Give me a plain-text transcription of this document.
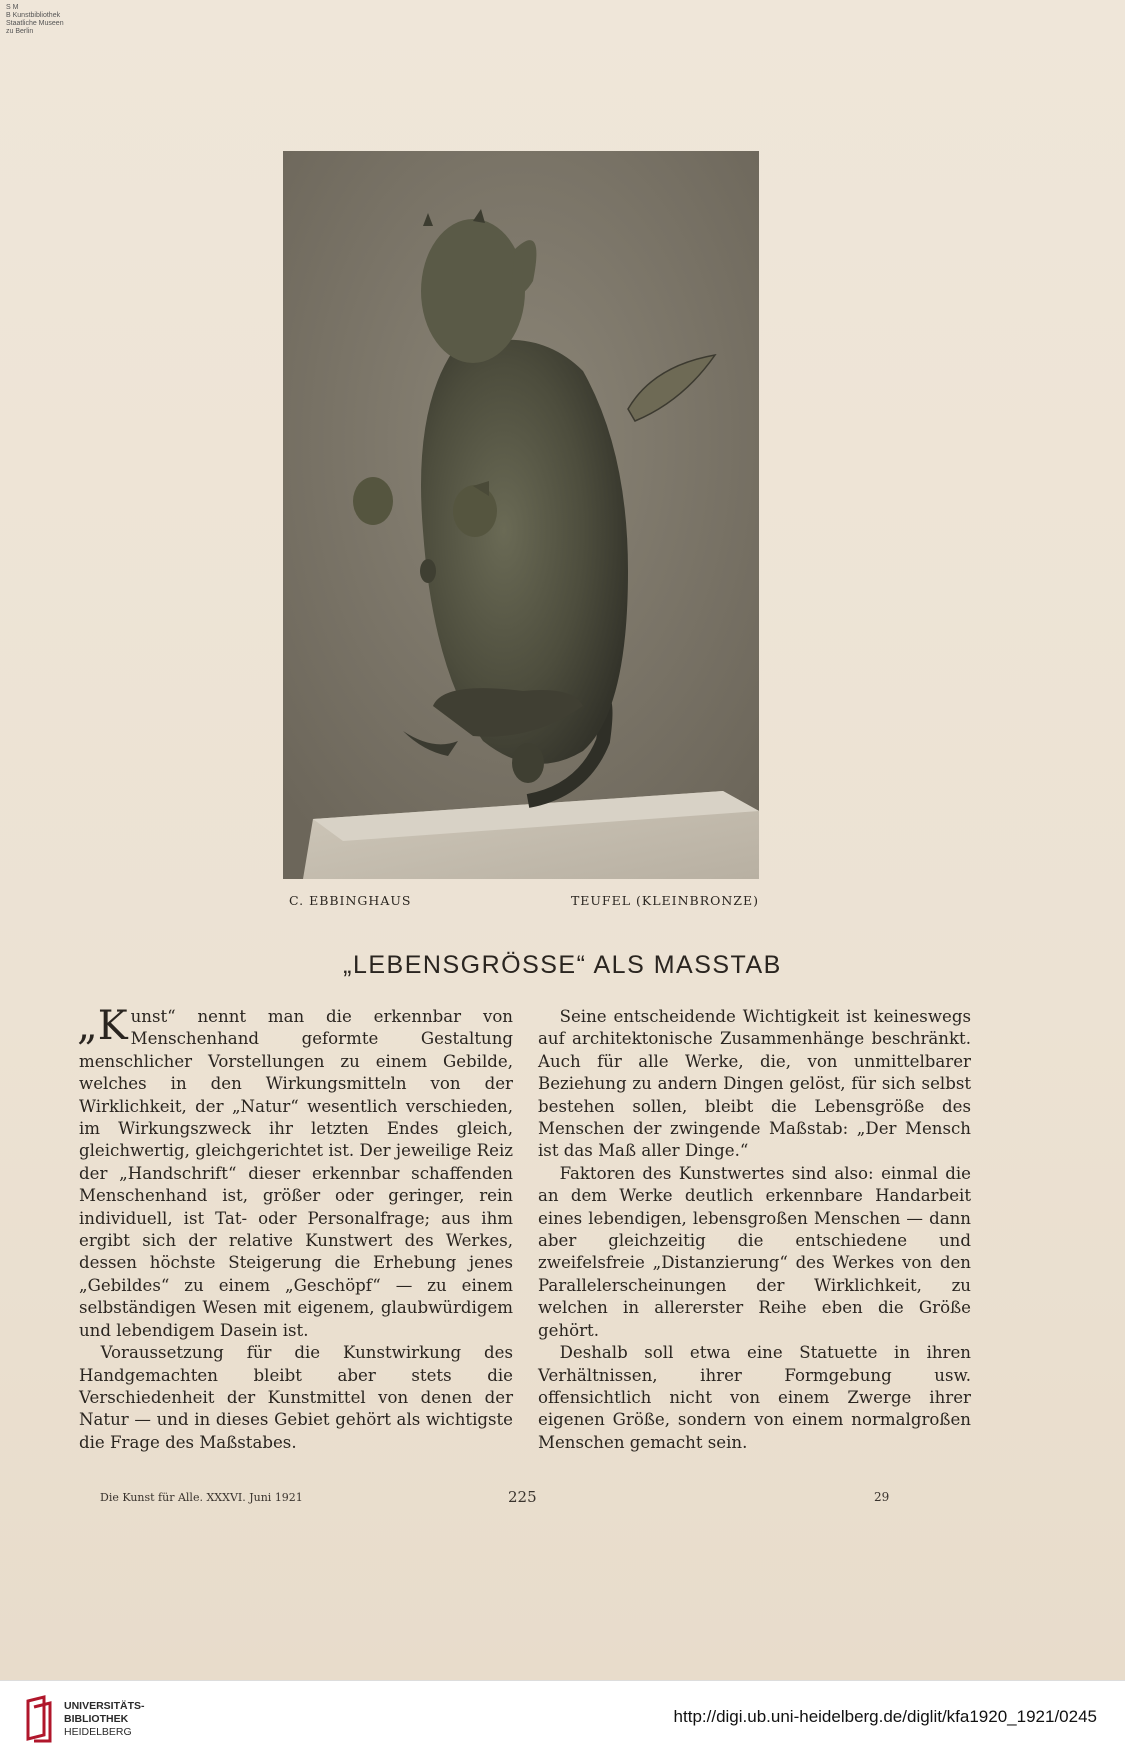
S M
B Kunstbibliothek
Staatliche Museen
zu Berlin
C. EBBINGHAUS	TEUFEL (KLEINBRONZE)
„LEBENSGRÖSSE“ ALS MASSTAB

„Kunst“ nennt man die erkennbar von Menschenhand geformte Gestaltung menschlicher Vorstellungen zu einem Gebilde, welches in den Wirkungsmitteln von der Wirklichkeit, der „Natur“ wesentlich verschieden, im Wirkungszweck ihr letzten Endes gleich, gleichwertig, gleichgerichtet ist. Der jeweilige Reiz der „Handschrift“ dieser erkennbar schaffenden Menschenhand ist, größer oder geringer, rein individuell, ist Tat- oder Personalfrage; aus ihm ergibt sich der relative Kunstwert des Werkes, dessen höchste Steigerung die Erhebung jenes „Gebildes“ zu einem „Geschöpf“ — zu einem selbständigen Wesen mit eigenem, glaubwürdigem und lebendigem Dasein ist.

Voraussetzung für die Kunstwirkung des Handgemachten bleibt aber stets die Verschiedenheit der Kunstmittel von denen der Natur — und in dieses Gebiet gehört als wichtigste die Frage des Maßstabes.

Seine entscheidende Wichtigkeit ist keineswegs auf architektonische Zusammenhänge beschränkt. Auch für alle Werke, die, von unmittelbarer Beziehung zu andern Dingen gelöst, für sich selbst bestehen sollen, bleibt die Lebensgröße des Menschen der zwingende Maßstab: „Der Mensch ist das Maß aller Dinge.“

Faktoren des Kunstwertes sind also: einmal die an dem Werke deutlich erkennbare Handarbeit eines lebendigen, lebensgroßen Menschen — dann aber gleichzeitig die entschiedene und zweifelsfreie „Distanzierung“ des Werkes von den Parallelerscheinungen der Wirklichkeit, zu welchen in allererster Reihe eben die Größe gehört.

Deshalb soll etwa eine Statuette in ihren Verhältnissen, ihrer Formgebung usw. offensichtlich nicht von einem Zwerge ihrer eigenen Größe, sondern von einem normalgroßen Menschen gemacht sein.

Die Kunst für Alle. XXXVI. Juni 1921	225	29
UNIVERSITÄTS-
BIBLIOTHEK
HEIDELBERG
http://digi.ub.uni-heidelberg.de/diglit/kfa1920_1921/0245
